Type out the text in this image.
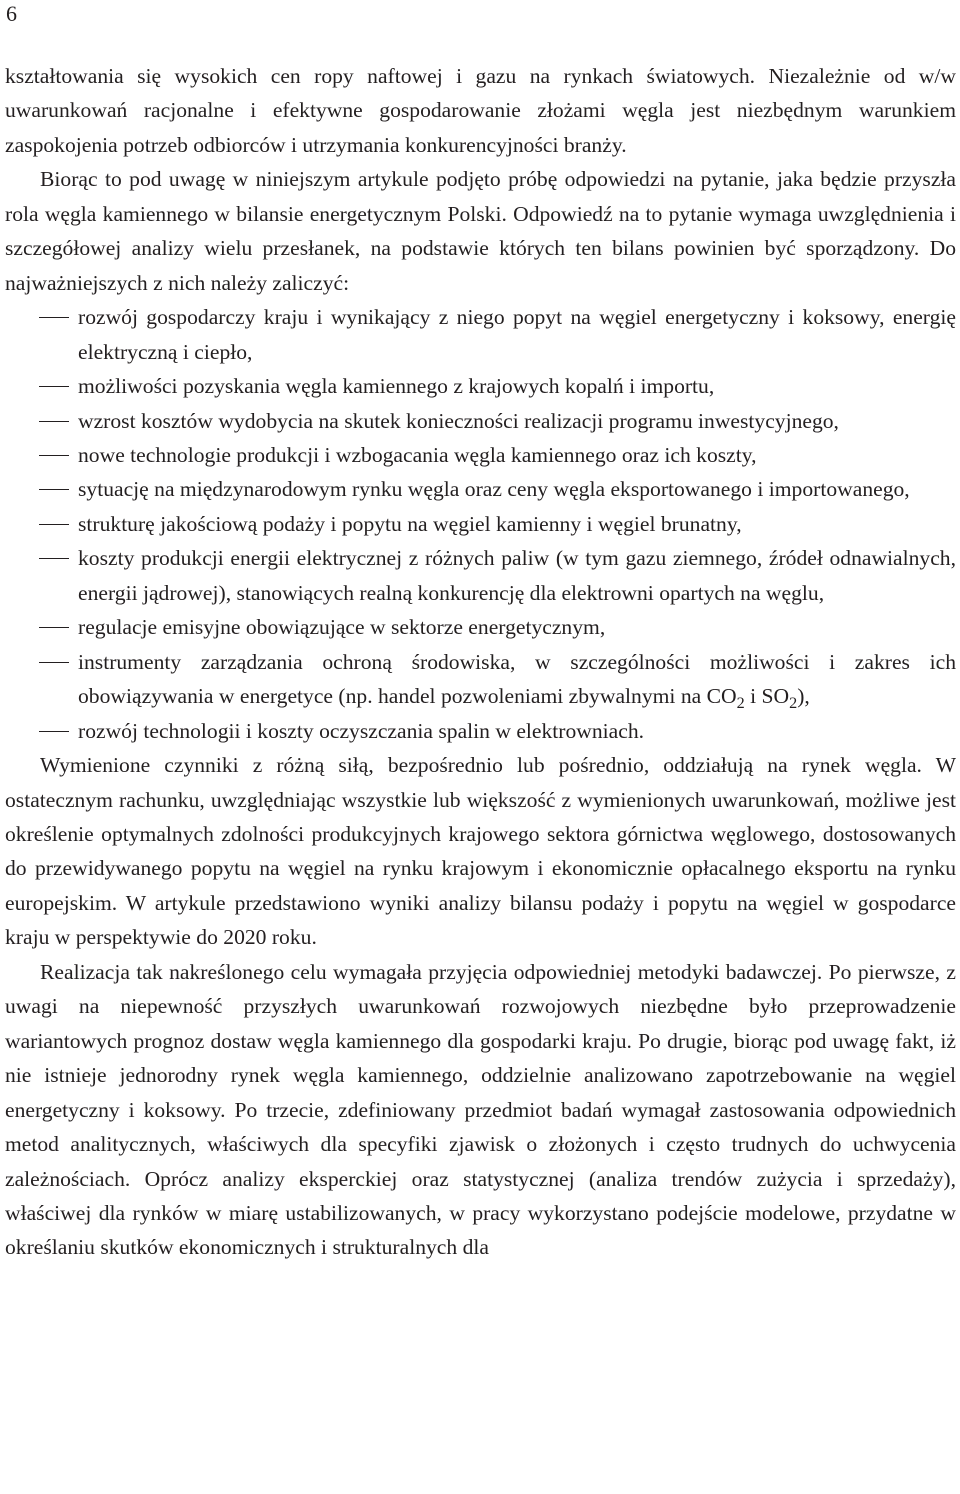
6

kształtowania się wysokich cen ropy naftowej i gazu na rynkach światowych. Niezależnie od w/w uwarunkowań racjonalne i efektywne gospodarowanie złożami węgla jest niezbędnym warunkiem zaspokojenia potrzeb odbiorców i utrzymania konkurencyjności branży.

Biorąc to pod uwagę w niniejszym artykule podjęto próbę odpowiedzi na pytanie, jaka będzie przyszła rola węgla kamiennego w bilansie energetycznym Polski. Odpowiedź na to pytanie wymaga uwzględnienia i szczegółowej analizy wielu przesłanek, na podstawie których ten bilans powinien być sporządzony. Do najważniejszych z nich należy zaliczyć:

rozwój gospodarczy kraju i wynikający z niego popyt na węgiel energetyczny i koksowy, energię elektryczną i ciepło,
możliwości pozyskania węgla kamiennego z krajowych kopalń i importu,
wzrost kosztów wydobycia na skutek konieczności realizacji programu inwestycyjnego,
nowe technologie produkcji i wzbogacania węgla kamiennego oraz ich koszty,
sytuację na międzynarodowym rynku węgla oraz ceny węgla eksportowanego i importowanego,
strukturę jakościową podaży i popytu na węgiel kamienny i węgiel brunatny,
koszty produkcji energii elektrycznej z różnych paliw (w tym gazu ziemnego, źródeł odnawialnych, energii jądrowej), stanowiących realną konkurencję dla elektrowni opartych na węglu,
regulacje emisyjne obowiązujące w sektorze energetycznym,
instrumenty zarządzania ochroną środowiska, w szczególności możliwości i zakres ich obowiązywania w energetyce (np. handel pozwoleniami zbywalnymi na $CO_2$ i $SO_2$),
rozwój technologii i koszty oczyszczania spalin w elektrowniach.

Wymienione czynniki z różną siłą, bezpośrednio lub pośrednio, oddziałują na rynek węgla. W ostatecznym rachunku, uwzględniając wszystkie lub większość z wymienionych uwarunkowań, możliwe jest określenie optymalnych zdolności produkcyjnych krajowego sektora górnictwa węglowego, dostosowanych do przewidywanego popytu na węgiel na rynku krajowym i ekonomicznie opłacalnego eksportu na rynku europejskim. W artykule przedstawiono wyniki analizy bilansu podaży i popytu na węgiel w gospodarce kraju w perspektywie do 2020 roku.

Realizacja tak nakreślonego celu wymagała przyjęcia odpowiedniej metodyki badawczej. Po pierwsze, z uwagi na niepewność przyszłych uwarunkowań rozwojowych niezbędne było przeprowadzenie wariantowych prognoz dostaw węgla kamiennego dla gospodarki kraju. Po drugie, biorąc pod uwagę fakt, iż nie istnieje jednorodny rynek węgla kamiennego, oddzielnie analizowano zapotrzebowanie na węgiel energetyczny i koksowy. Po trzecie, zdefiniowany przedmiot badań wymagał zastosowania odpowiednich metod analitycznych, właściwych dla specyfiki zjawisk o złożonych i często trudnych do uchwycenia zależnościach. Oprócz analizy eksperckiej oraz statystycznej (analiza trendów zużycia i sprzedaży), właściwej dla rynków w miarę ustabilizowanych, w pracy wykorzystano podejście modelowe, przydatne w określaniu skutków ekonomicznych i strukturalnych dla
